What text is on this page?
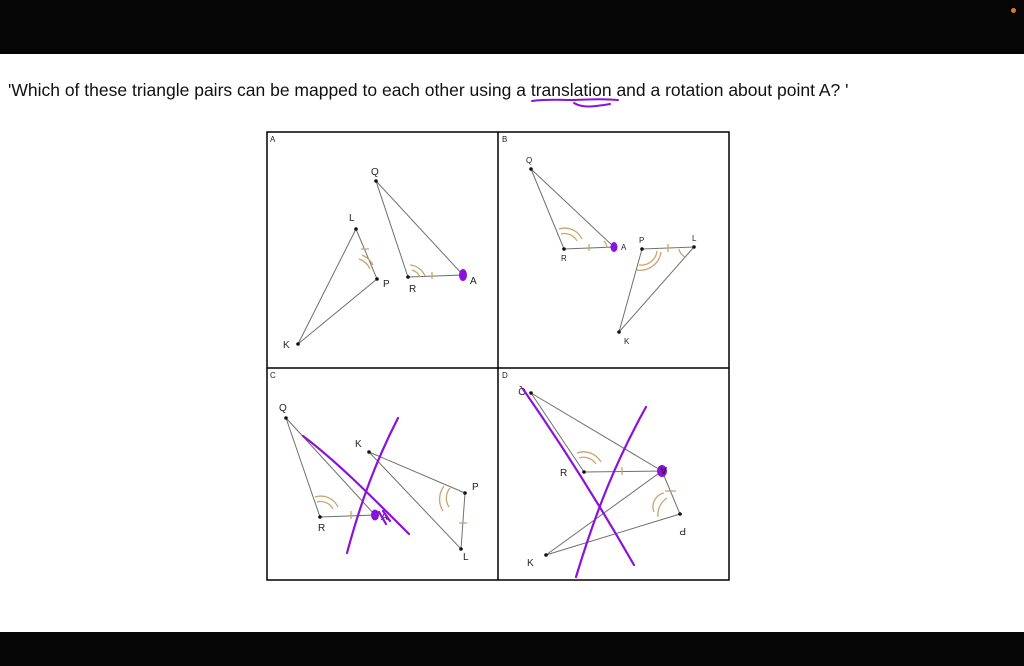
'Which of these triangle pairs can be mapped to each other using a translation
and a rotation about point A? '

A
Q
R
A
L
P
K
B
Q
R
A
P	L
K
C
Q
R
A
K
P
L
D
Q
R	A
P
K
